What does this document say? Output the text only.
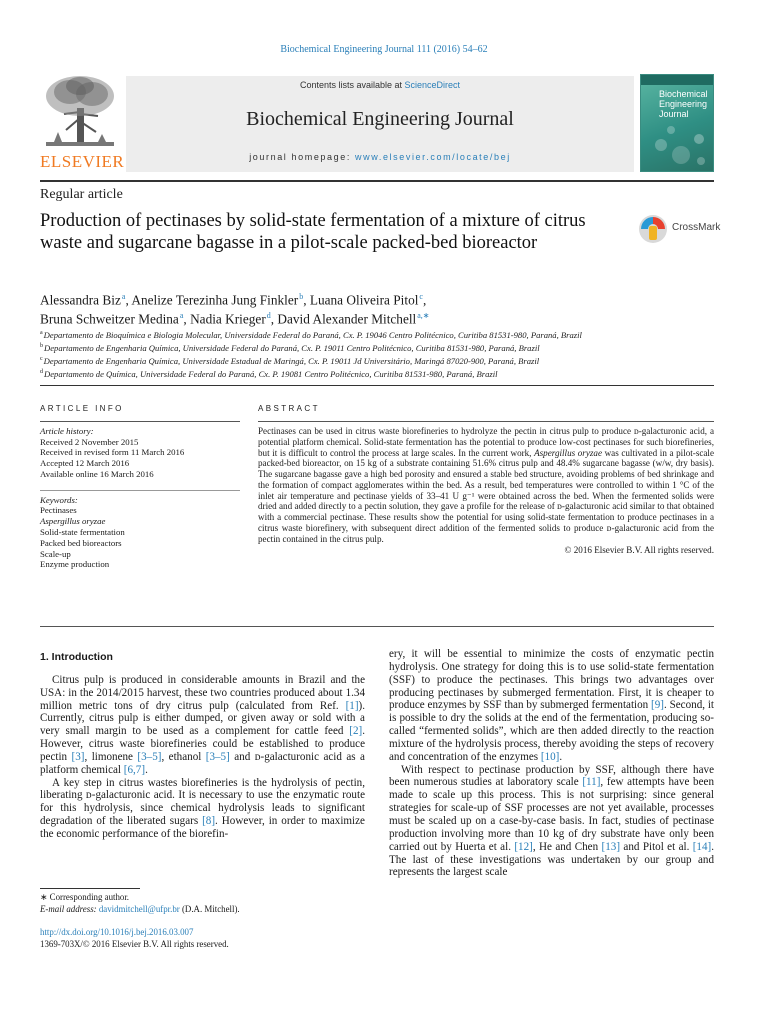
Biochemical Engineering Journal 111 (2016) 54–62
ELSEVIER
Contents lists available at ScienceDirect
Biochemical Engineering Journal
journal homepage: www.elsevier.com/locate/bej
Biochemical Engineering Journal
Regular article
Production of pectinases by solid-state fermentation of a mixture of citrus waste and sugarcane bagasse in a pilot-scale packed-bed bioreactor
CrossMark
Alessandra Biz$^a$, Anelize Terezinha Jung Finkler$^b$, Luana Oliveira Pitol$^c$,
Bruna Schweitzer Medina$^a$, Nadia Krieger$^d$, David Alexander Mitchell$^{a,∗}$
$^a$Departamento de Bioquímica e Biologia Molecular, Universidade Federal do Paraná, Cx. P. 19046 Centro Politécnico, Curitiba 81531-980, Paraná, Brazil
$^b$Departamento de Engenharia Química, Universidade Federal do Paraná, Cx. P. 19011 Centro Politécnico, Curitiba 81531-980, Paraná, Brazil
$^c$Departamento de Engenharia Química, Universidade Estadual de Maringá, Cx. P. 19011 Jd Universitário, Maringá 87020-900, Paraná, Brazil
$^d$Departamento de Química, Universidade Federal do Paraná, Cx. P. 19081 Centro Politécnico, Curitiba 81531-980, Paraná, Brazil
ARTICLE INFO
Article history:
Received 2 November 2015
Received in revised form 11 March 2016
Accepted 12 March 2016
Available online 16 March 2016
Keywords:
Pectinases
Aspergillus oryzae
Solid-state fermentation
Packed bed bioreactors
Scale-up
Enzyme production
ABSTRACT
Pectinases can be used in citrus waste biorefineries to hydrolyze the pectin in citrus pulp to produce ᴅ-galacturonic acid, a potential platform chemical. Solid-state fermentation has the potential to produce low-cost pectinases for such biorefineries, but it is difficult to control the process at large scales. In the current work, Aspergillus oryzae was cultivated in a pilot-scale packed-bed bioreactor, on 15 kg of a substrate containing 51.6% citrus pulp and 48.4% sugarcane bagasse (w/w, dry basis). The sugarcane bagasse gave a high bed porosity and ensured a stable bed structure, avoiding problems of bed shrinkage and the formation of compact agglomerates within the bed. As a result, bed temperatures were controlled to within 1 °C of the inlet air temperature and pectinase yields of 33–41 U g⁻¹ were obtained across the bed. When the fermented solids were dried and added directly to a pectin solution, they gave a profile for the release of ᴅ-galacturonic acid similar to that obtained with a commercial pectinase. These results show the potential for using solid-state fermentation to produce pectinases in a citrus waste biorefinery, with subsequent direct addition of the fermented solids to produce ᴅ-galacturonic acid from the pectin contained in the citrus pulp.
© 2016 Elsevier B.V. All rights reserved.
1. Introduction
Citrus pulp is produced in considerable amounts in Brazil and the USA: in the 2014/2015 harvest, these two countries produced about 1.34 million metric tons of dry citrus pulp (calculated from Ref. [1]). Currently, citrus pulp is either dumped, or given away or sold with a very small margin to be used as a complement for cattle feed [2]. However, citrus waste biorefineries could be established to produce pectin [3], limonene [3–5], ethanol [3–5] and ᴅ-galacturonic acid as a platform chemical [6,7].
A key step in citrus wastes biorefineries is the hydrolysis of pectin, liberating ᴅ-galacturonic acid. It is necessary to use the enzymatic route for this hydrolysis, since chemical hydrolysis leads to significant degradation of the liberated sugars [8]. However, in order to maximize the economic performance of the biorefin-
ery, it will be essential to minimize the costs of enzymatic pectin hydrolysis. One strategy for doing this is to use solid-state fermentation (SSF) to produce the pectinases. This brings two advantages over producing pectinases by submerged fermentation. First, it is cheaper to produce enzymes by SSF than by submerged fermentation [9]. Second, it is possible to dry the solids at the end of the fermentation, producing so-called “fermented solids”, which are then added directly to the reaction mixture of the hydrolysis process, thereby avoiding the steps of recovery and concentration of the enzymes [10].
With respect to pectinase production by SSF, although there have been numerous studies at laboratory scale [11], few attempts have been made to scale up this process. This is not surprising: since general strategies for scale-up of SSF processes are not yet available, processes must be scaled up on a case-by-case basis. In fact, studies of pectinase production involving more than 10 kg of dry substrate have only been carried out by Huerta et al. [12], He and Chen [13] and Pitol et al. [14]. The last of these investigations was undertaken by our group and represents the largest scale
∗ Corresponding author.
E-mail address: davidmitchell@ufpr.br (D.A. Mitchell).
http://dx.doi.org/10.1016/j.bej.2016.03.007
1369-703X/© 2016 Elsevier B.V. All rights reserved.
